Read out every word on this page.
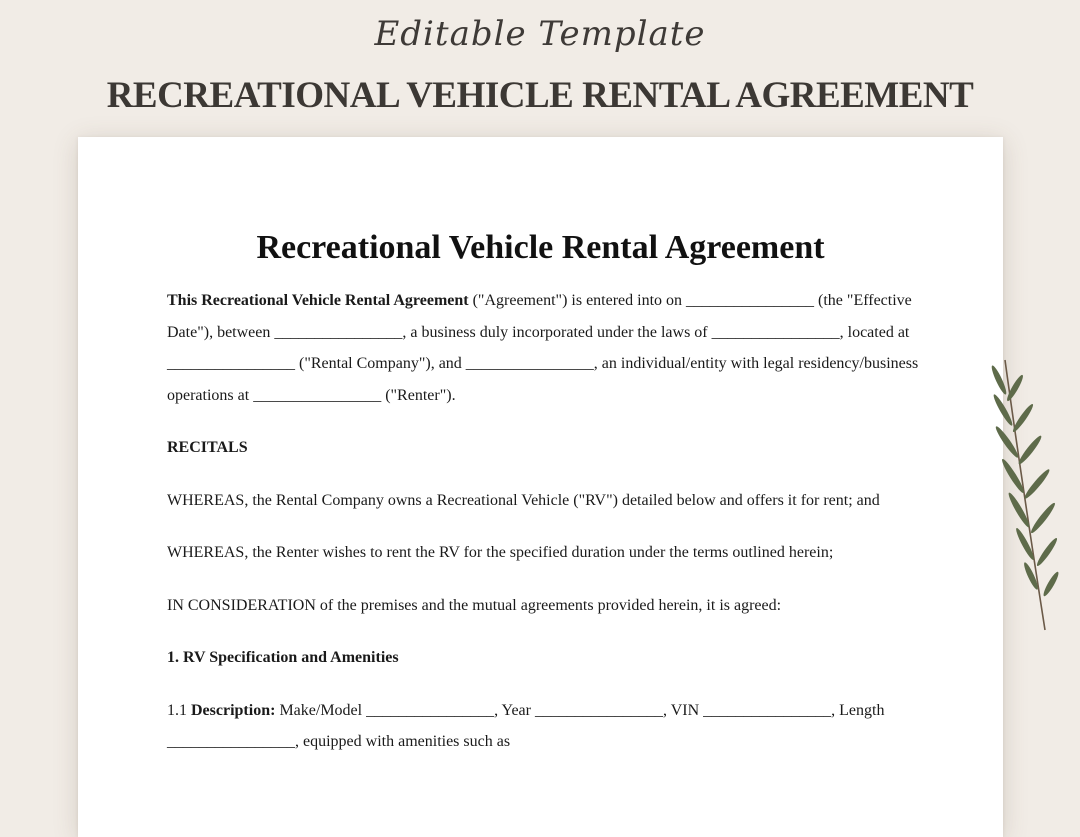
Editable Template
RECREATIONAL VEHICLE RENTAL AGREEMENT
Recreational Vehicle Rental Agreement

This Recreational Vehicle Rental Agreement ("Agreement") is entered into on ________________ (the "Effective Date"), between ________________, a business duly incorporated under the laws of ________________, located at ________________ ("Rental Company"), and ________________, an individual/entity with legal residency/business operations at ________________ ("Renter").

RECITALS

WHEREAS, the Rental Company owns a Recreational Vehicle ("RV") detailed below and offers it for rent; and

WHEREAS, the Renter wishes to rent the RV for the specified duration under the terms outlined herein;

IN CONSIDERATION of the premises and the mutual agreements provided herein, it is agreed:

1. RV Specification and Amenities

1.1 Description: Make/Model ________________, Year ________________, VIN ________________, Length ________________, equipped with amenities such as
